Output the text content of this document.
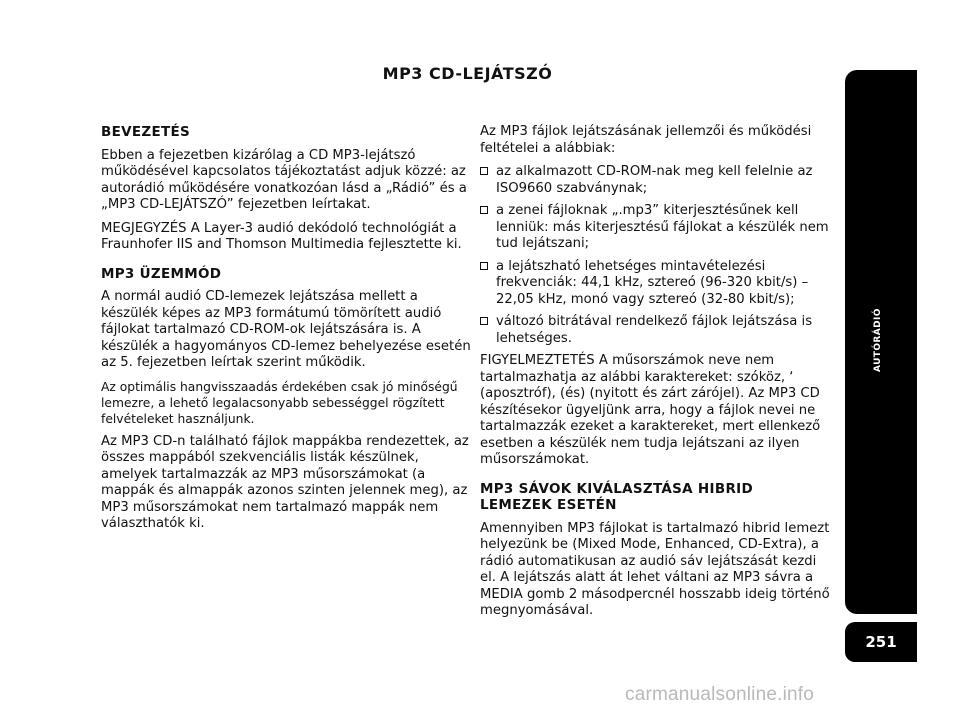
MP3 CD-LEJÁTSZÓ

BEVEZETÉS

Ebben a fejezetben kizárólag a CD MP3-lejátszó működésével kapcsolatos tájékoztatást adjuk közzé: az autorádió működésére vonatkozóan lásd a „Rádió” és a „MP3 CD-LEJÁTSZÓ” fejezetben leírtakat.

MEGJEGYZÉS A Layer-3 audió dekódoló technológiát a Fraunhofer IIS and Thomson Multimedia fejlesztette ki.

MP3 ÜZEMMÓD

A normál audió CD-lemezek lejátszása mellett a készülék képes az MP3 formátumú tömörített audió fájlokat tartalmazó CD-ROM-ok lejátszására is. A készülék a hagyományos CD-lemez behelyezése esetén az 5. fejezetben leírtak szerint működik.

Az optimális hangvisszaadás érdekében csak jó minőségű lemezre, a lehető legalacsonyabb sebességgel rögzített felvételeket használjunk.

Az MP3 CD-n található fájlok mappákba rendezettek, az összes mappából szekvenciális listák készülnek, amelyek tartalmazzák az MP3 műsorszámokat (a mappák és almappák azonos szinten jelennek meg), az MP3 műsorszámokat nem tartalmazó mappák nem választhatók ki.

Az MP3 fájlok lejátszásának jellemzői és működési feltételei a alábbiak:

az alkalmazott CD-ROM-nak meg kell felelnie az ISO9660 szabványnak;
a zenei fájloknak „.mp3” kiterjesztésűnek kell lenniük: más kiterjesztésű fájlokat a készülék nem tud lejátszani;
a lejátszható lehetséges mintavételezési frekvenciák: 44,1 kHz, sztereó (96-320 kbit/s) – 22,05 kHz, monó vagy sztereó (32-80 kbit/s);
változó bitrátával rendelkező fájlok lejátszása is lehetséges.

FIGYELMEZTETÉS A műsorszámok neve nem tartalmazhatja az alábbi karaktereket: szóköz, ‘ (aposztróf), (és) (nyitott és zárt zárójel). Az MP3 CD készítésekor ügyeljünk arra, hogy a fájlok nevei ne tartalmazzák ezeket a karaktereket, mert ellenkező esetben a készülék nem tudja lejátszani az ilyen műsorszámokat.

MP3 SÁVOK KIVÁLASZTÁSA HIBRID LEMEZEK ESETÉN

Amennyiben MP3 fájlokat is tartalmazó hibrid lemezt helyezünk be (Mixed Mode, Enhanced, CD-Extra), a rádió automatikusan az audió sáv lejátszását kezdi el. A lejátszás alatt át lehet váltani az MP3 sávra a MEDIA gomb 2 másodpercnél hosszabb ideig történő megnyomásával.

AUTÓRÁDIÓ
251
carmanualsonline.info
